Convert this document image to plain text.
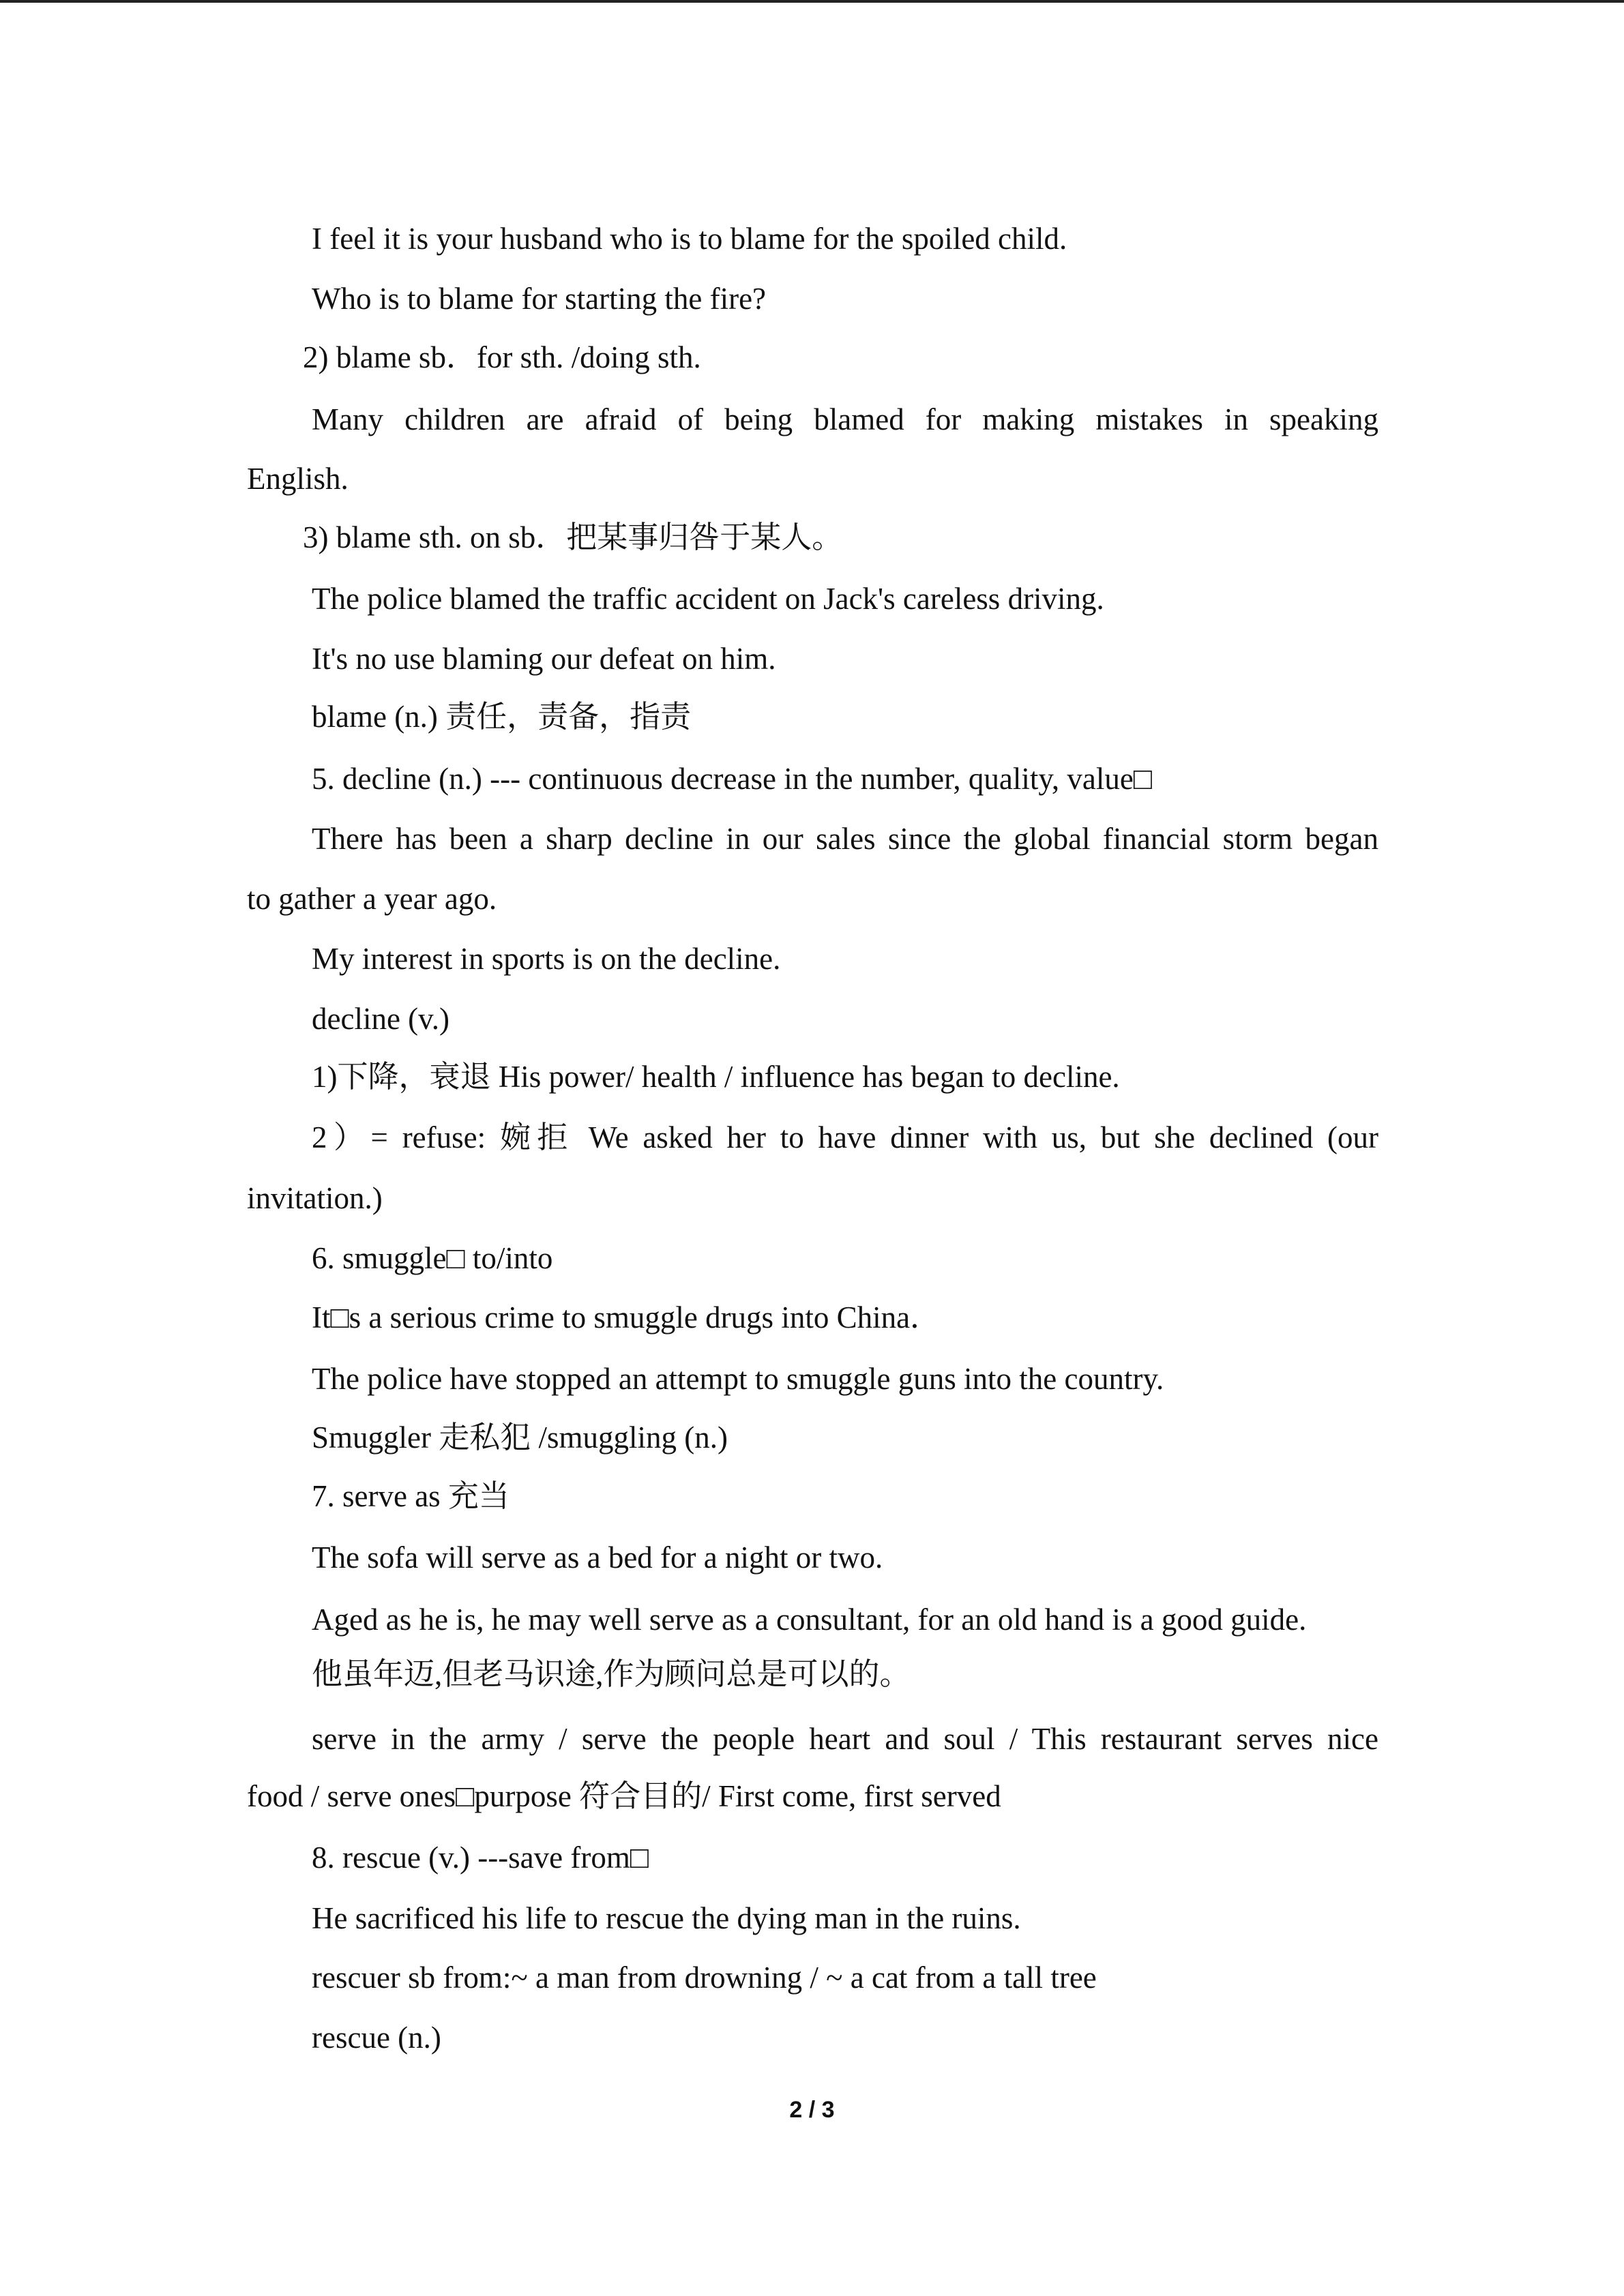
I feel it is your husband who is to blame for the spoiled child.
Who is to blame for starting the fire?
2) blame sb．for sth. /doing sth.
Many children are afraid of being blamed for making mistakes in speaking
English.
3) blame sth. on sb．把某事归咎于某人。
The police blamed the traffic accident on Jack's careless driving.
It's no use blaming our defeat on him.
blame (n.) 责任，责备，指责
5. decline (n.) --- continuous decrease in the number, quality, value□
There has been a sharp decline in our sales since the global financial storm began
to gather a year ago.
My interest in sports is on the decline.
decline (v.)
1)下降，衰退 His power/ health / influence has began to decline.
2）= refuse: 婉拒 We asked her to have dinner with us, but she declined (our
invitation.)
6. smuggle□ to/into
It□s a serious crime to smuggle drugs into China．
The police have stopped an attempt to smuggle guns into the country.
Smuggler 走私犯 /smuggling (n.)
7. serve as 充当
The sofa will serve as a bed for a night or two.
Aged as he is, he may well serve as a consultant, for an old hand is a good guide.
他虽年迈,但老马识途,作为顾问总是可以的。
serve in the army / serve the people heart and soul / This restaurant serves nice
food / serve ones□purpose 符合目的/ First come, first served
8. rescue (v.) ---save from□
He sacrificed his life to rescue the dying man in the ruins.
rescuer sb from:~ a man from drowning / ~ a cat from a tall tree
rescue (n.)
2 / 3
